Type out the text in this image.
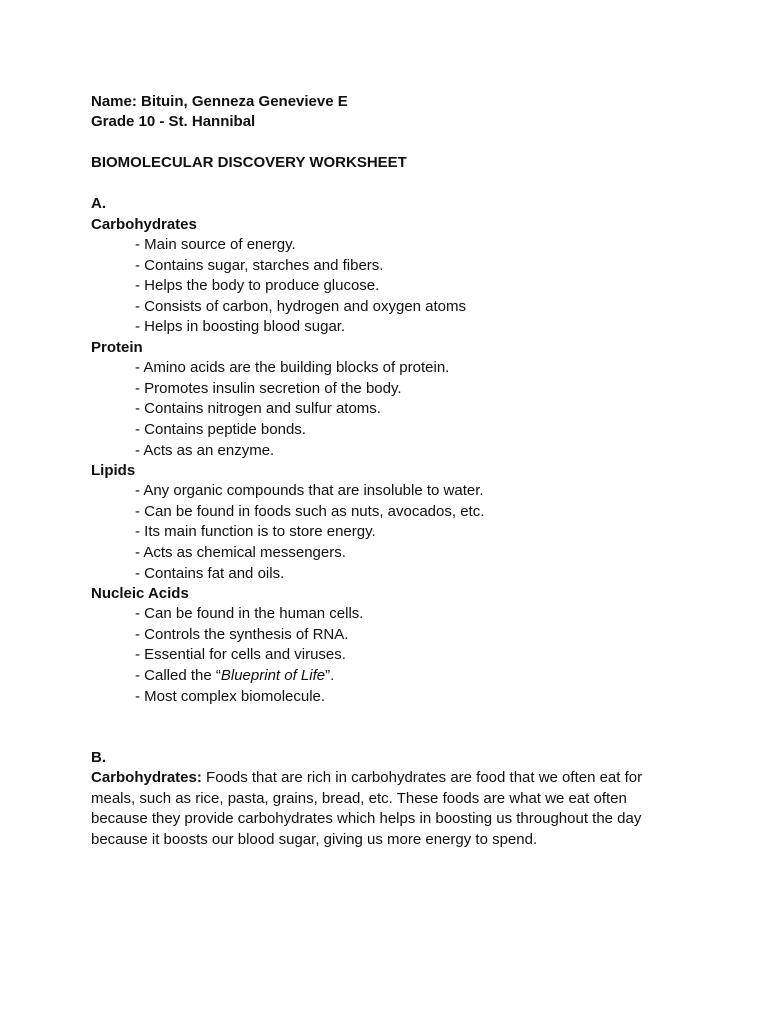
Name: Bituin, Genneza Genevieve E
Grade 10 - St. Hannibal
BIOMOLECULAR DISCOVERY WORKSHEET
A.
Carbohydrates
- Main source of energy.
- Contains sugar, starches and fibers.
- Helps the body to produce glucose.
- Consists of carbon, hydrogen and oxygen atoms
- Helps in boosting blood sugar.
Protein
- Amino acids are the building blocks of protein.
- Promotes insulin secretion of the body.
- Contains nitrogen and sulfur atoms.
- Contains peptide bonds.
- Acts as an enzyme.
Lipids
- Any organic compounds that are insoluble to water.
- Can be found in foods such as nuts, avocados, etc.
- Its main function is to store energy.
- Acts as chemical messengers.
- Contains fat and oils.
Nucleic Acids
- Can be found in the human cells.
- Controls the synthesis of RNA.
- Essential for cells and viruses.
- Called the “Blueprint of Life”.
- Most complex biomolecule.
B.
Carbohydrates: Foods that are rich in carbohydrates are food that we often eat for meals, such as rice, pasta, grains, bread, etc. These foods are what we eat often because they provide carbohydrates which helps in boosting us throughout the day because it boosts our blood sugar, giving us more energy to spend.
